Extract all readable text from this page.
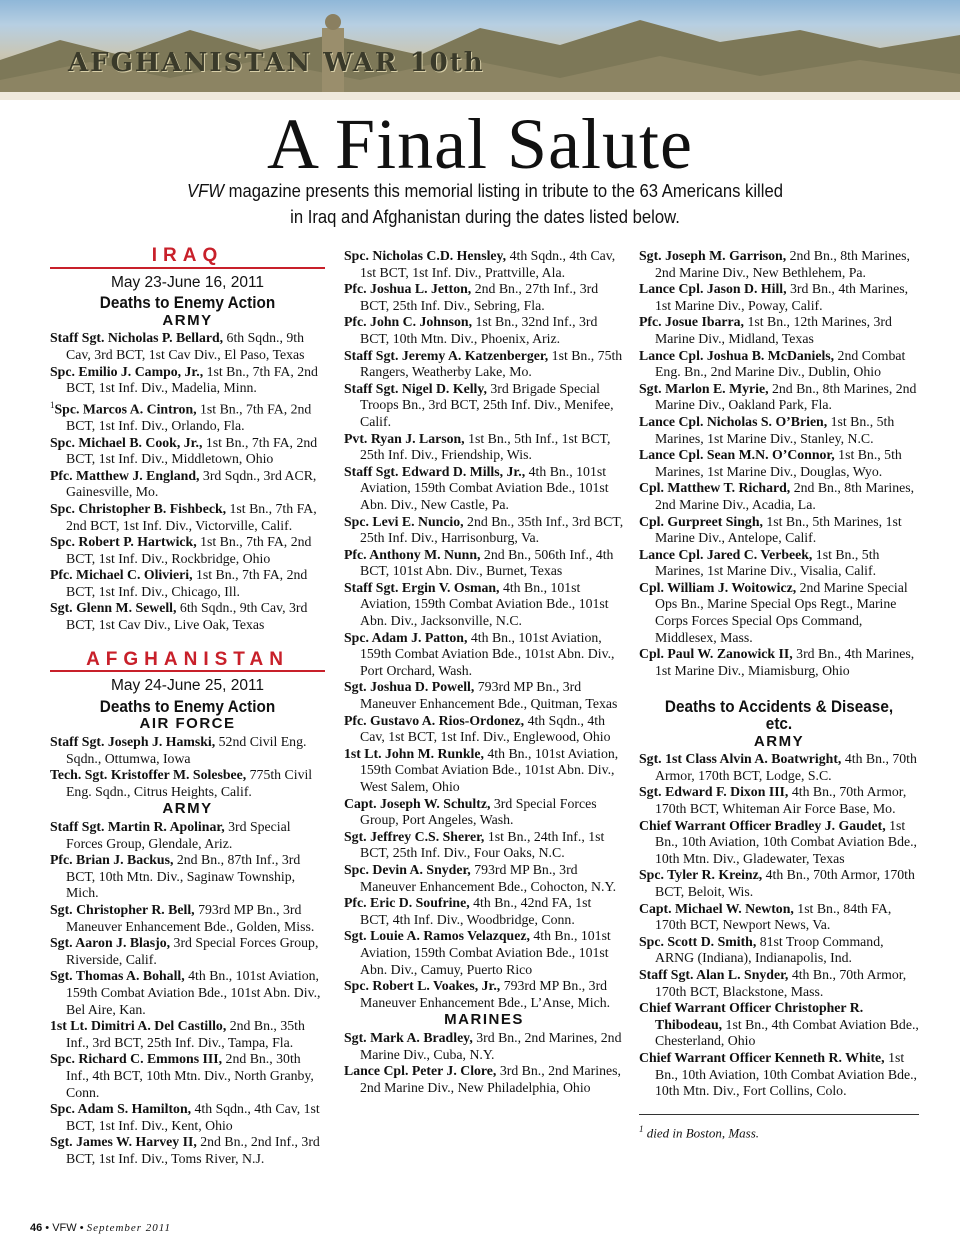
AFGHANISTAN WAR 10th
A Final Salute
VFW magazine presents this memorial listing in tribute to the 63 Americans killed in Iraq and Afghanistan during the dates listed below.
IRAQ
May 23-June 16, 2011
Deaths to Enemy Action
ARMY

Staff Sgt. Nicholas P. Bellard, 6th Sqdn., 9th Cav, 3rd BCT, 1st Cav Div., El Paso, Texas

Spc. Emilio J. Campo, Jr., 1st Bn., 7th FA, 2nd BCT, 1st Inf. Div., Madelia, Minn.

$^1$Spc. Marcos A. Cintron, 1st Bn., 7th FA, 2nd BCT, 1st Inf. Div., Orlando, Fla.

Spc. Michael B. Cook, Jr., 1st Bn., 7th FA, 2nd BCT, 1st Inf. Div., Middletown, Ohio

Pfc. Matthew J. England, 3rd Sqdn., 3rd ACR, Gainesville, Mo.

Spc. Christopher B. Fishbeck, 1st Bn., 7th FA, 2nd BCT, 1st Inf. Div., Victorville, Calif.

Spc. Robert P. Hartwick, 1st Bn., 7th FA, 2nd BCT, 1st Inf. Div., Rockbridge, Ohio

Pfc. Michael C. Olivieri, 1st Bn., 7th FA, 2nd BCT, 1st Inf. Div., Chicago, Ill.

Sgt. Glenn M. Sewell, 6th Sqdn., 9th Cav, 3rd BCT, 1st Cav Div., Live Oak, Texas

AFGHANISTAN
May 24-June 25, 2011
Deaths to Enemy Action
AIR FORCE

Staff Sgt. Joseph J. Hamski, 52nd Civil Eng. Sqdn., Ottumwa, Iowa

Tech. Sgt. Kristoffer M. Solesbee, 775th Civil Eng. Sqdn., Citrus Heights, Calif.

ARMY

Staff Sgt. Martin R. Apolinar, 3rd Special Forces Group, Glendale, Ariz.

Pfc. Brian J. Backus, 2nd Bn., 87th Inf., 3rd BCT, 10th Mtn. Div., Saginaw Township, Mich.

Sgt. Christopher R. Bell, 793rd MP Bn., 3rd Maneuver Enhancement Bde., Golden, Miss.

Sgt. Aaron J. Blasjo, 3rd Special Forces Group, Riverside, Calif.

Sgt. Thomas A. Bohall, 4th Bn., 101st Aviation, 159th Combat Aviation Bde., 101st Abn. Div., Bel Aire, Kan.

1st Lt. Dimitri A. Del Castillo, 2nd Bn., 35th Inf., 3rd BCT, 25th Inf. Div., Tampa, Fla.

Spc. Richard C. Emmons III, 2nd Bn., 30th Inf., 4th BCT, 10th Mtn. Div., North Granby, Conn.

Spc. Adam S. Hamilton, 4th Sqdn., 4th Cav, 1st BCT, 1st Inf. Div., Kent, Ohio

Sgt. James W. Harvey II, 2nd Bn., 2nd Inf., 3rd BCT, 1st Inf. Div., Toms River, N.J.

Spc. Nicholas C.D. Hensley, 4th Sqdn., 4th Cav, 1st BCT, 1st Inf. Div., Prattville, Ala.

Pfc. Joshua L. Jetton, 2nd Bn., 27th Inf., 3rd BCT, 25th Inf. Div., Sebring, Fla.

Pfc. John C. Johnson, 1st Bn., 32nd Inf., 3rd BCT, 10th Mtn. Div., Phoenix, Ariz.

Staff Sgt. Jeremy A. Katzenberger, 1st Bn., 75th Rangers, Weatherby Lake, Mo.

Staff Sgt. Nigel D. Kelly, 3rd Brigade Special Troops Bn., 3rd BCT, 25th Inf. Div., Menifee, Calif.

Pvt. Ryan J. Larson, 1st Bn., 5th Inf., 1st BCT, 25th Inf. Div., Friendship, Wis.

Staff Sgt. Edward D. Mills, Jr., 4th Bn., 101st Aviation, 159th Combat Aviation Bde., 101st Abn. Div., New Castle, Pa.

Spc. Levi E. Nuncio, 2nd Bn., 35th Inf., 3rd BCT, 25th Inf. Div., Harrisonburg, Va.

Pfc. Anthony M. Nunn, 2nd Bn., 506th Inf., 4th BCT, 101st Abn. Div., Burnet, Texas

Staff Sgt. Ergin V. Osman, 4th Bn., 101st Aviation, 159th Combat Aviation Bde., 101st Abn. Div., Jacksonville, N.C.

Spc. Adam J. Patton, 4th Bn., 101st Aviation, 159th Combat Aviation Bde., 101st Abn. Div., Port Orchard, Wash.

Sgt. Joshua D. Powell, 793rd MP Bn., 3rd Maneuver Enhancement Bde., Quitman, Texas

Pfc. Gustavo A. Rios-Ordonez, 4th Sqdn., 4th Cav, 1st BCT, 1st Inf. Div., Englewood, Ohio

1st Lt. John M. Runkle, 4th Bn., 101st Aviation, 159th Combat Aviation Bde., 101st Abn. Div., West Salem, Ohio

Capt. Joseph W. Schultz, 3rd Special Forces Group, Port Angeles, Wash.

Sgt. Jeffrey C.S. Sherer, 1st Bn., 24th Inf., 1st BCT, 25th Inf. Div., Four Oaks, N.C.

Spc. Devin A. Snyder, 793rd MP Bn., 3rd Maneuver Enhancement Bde., Cohocton, N.Y.

Pfc. Eric D. Soufrine, 4th Bn., 42nd FA, 1st BCT, 4th Inf. Div., Woodbridge, Conn.

Sgt. Louie A. Ramos Velazquez, 4th Bn., 101st Aviation, 159th Combat Aviation Bde., 101st Abn. Div., Camuy, Puerto Rico

Spc. Robert L. Voakes, Jr., 793rd MP Bn., 3rd Maneuver Enhancement Bde., L’Anse, Mich.

MARINES

Sgt. Mark A. Bradley, 3rd Bn., 2nd Marines, 2nd Marine Div., Cuba, N.Y.

Lance Cpl. Peter J. Clore, 3rd Bn., 2nd Marines, 2nd Marine Div., New Philadelphia, Ohio

Sgt. Joseph M. Garrison, 2nd Bn., 8th Marines, 2nd Marine Div., New Bethlehem, Pa.

Lance Cpl. Jason D. Hill, 3rd Bn., 4th Marines, 1st Marine Div., Poway, Calif.

Pfc. Josue Ibarra, 1st Bn., 12th Marines, 3rd Marine Div., Midland, Texas

Lance Cpl. Joshua B. McDaniels, 2nd Combat Eng. Bn., 2nd Marine Div., Dublin, Ohio

Sgt. Marlon E. Myrie, 2nd Bn., 8th Marines, 2nd Marine Div., Oakland Park, Fla.

Lance Cpl. Nicholas S. O’Brien, 1st Bn., 5th Marines, 1st Marine Div., Stanley, N.C.

Lance Cpl. Sean M.N. O’Connor, 1st Bn., 5th Marines, 1st Marine Div., Douglas, Wyo.

Cpl. Matthew T. Richard, 2nd Bn., 8th Marines, 2nd Marine Div., Acadia, La.

Cpl. Gurpreet Singh, 1st Bn., 5th Marines, 1st Marine Div., Antelope, Calif.

Lance Cpl. Jared C. Verbeek, 1st Bn., 5th Marines, 1st Marine Div., Visalia, Calif.

Cpl. William J. Woitowicz, 2nd Marine Special Ops Bn., Marine Special Ops Regt., Marine Corps Forces Special Ops Command, Middlesex, Mass.

Cpl. Paul W. Zanowick II, 3rd Bn., 4th Marines, 1st Marine Div., Miamisburg, Ohio

Deaths to Accidents & Disease, etc.
ARMY

Sgt. 1st Class Alvin A. Boatwright, 4th Bn., 70th Armor, 170th BCT, Lodge, S.C.

Sgt. Edward F. Dixon III, 4th Bn., 70th Armor, 170th BCT, Whiteman Air Force Base, Mo.

Chief Warrant Officer Bradley J. Gaudet, 1st Bn., 10th Aviation, 10th Combat Aviation Bde., 10th Mtn. Div., Gladewater, Texas

Spc. Tyler R. Kreinz, 4th Bn., 70th Armor, 170th BCT, Beloit, Wis.

Capt. Michael W. Newton, 1st Bn., 84th FA, 170th BCT, Newport News, Va.

Spc. Scott D. Smith, 81st Troop Command, ARNG (Indiana), Indianapolis, Ind.

Staff Sgt. Alan L. Snyder, 4th Bn., 70th Armor, 170th BCT, Blackstone, Mass.

Chief Warrant Officer Christopher R. Thibodeau, 1st Bn., 4th Combat Aviation Bde., Chesterland, Ohio

Chief Warrant Officer Kenneth R. White, 1st Bn., 10th Aviation, 10th Combat Aviation Bde., 10th Mtn. Div., Fort Collins, Colo.

$^1$ died in Boston, Mass.
46 • VFW • September 2011
